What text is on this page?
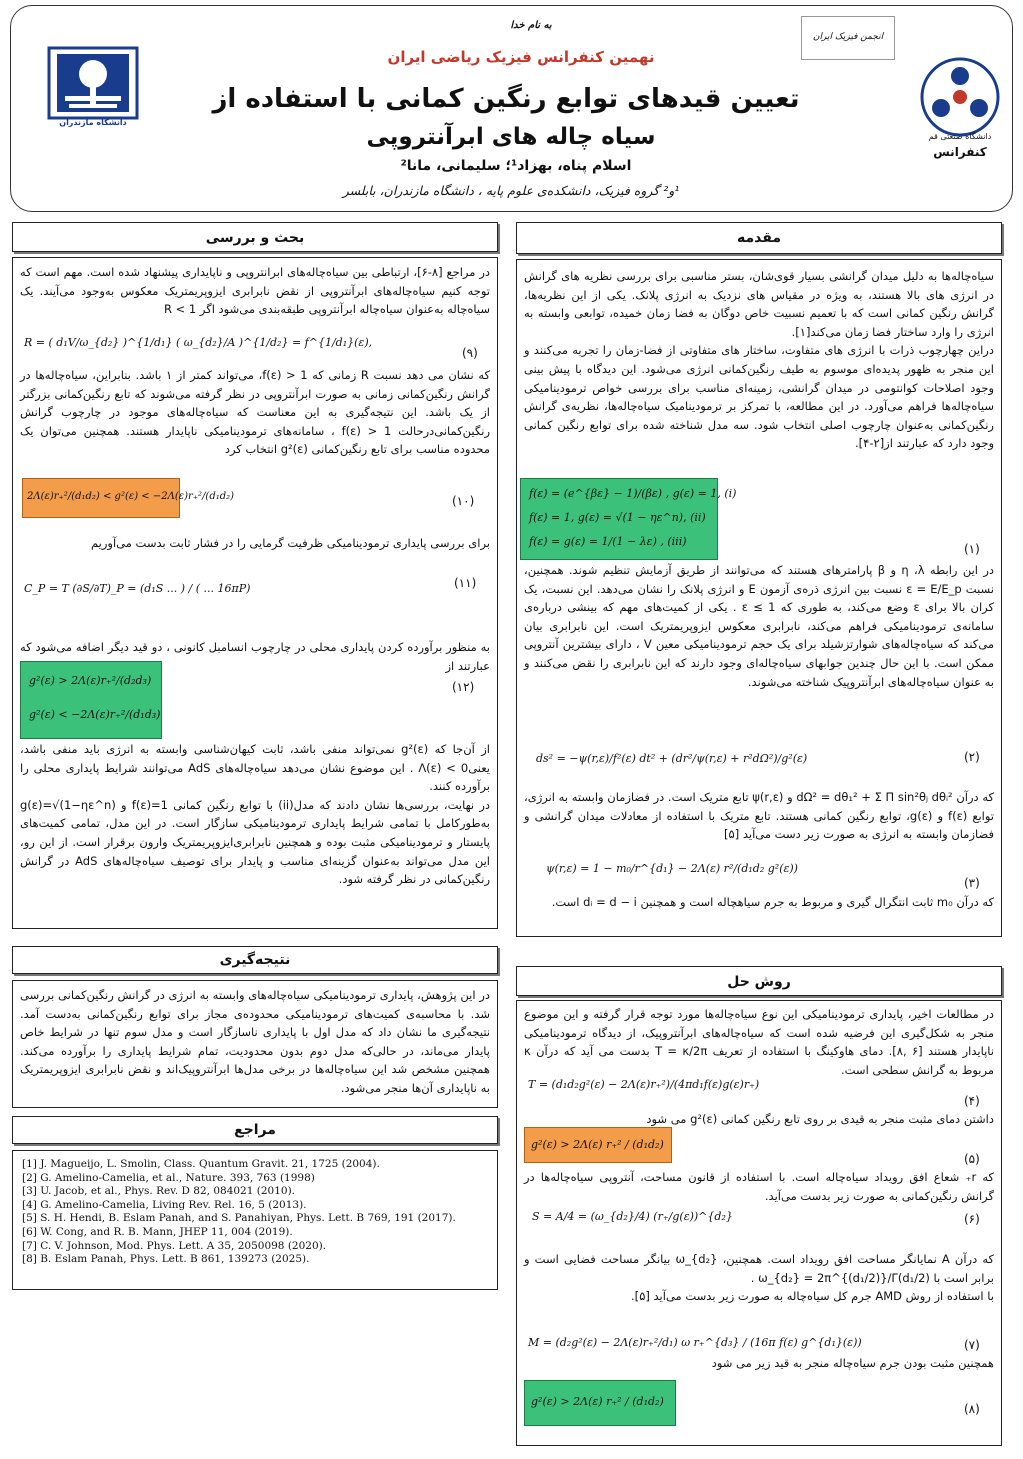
به نام خدا
نهمین کنفرانس فیزیک ریاضی ایران
تعیین قیدهای توابع رنگین کمانی با استفاده از
سیاه چاله های ابرآنتروپی
اسلام پناه، بهزاد¹؛ سلیمانی، مانا²
¹و² گروه فیزیک، دانشکده‌ی علوم پایه ، دانشگاه مازندران، بابلسر
دانشگاه مازندران
انجمن فیزیک ایران
دانشگاه صنعتی قم
کنفرانس
مقدمه

سیاه‌چاله‌ها به دلیل میدان گرانشی بسیار قوی‌شان، بستر مناسبی برای بررسی نظریه های گرانش در انرژی های بالا هستند، به ویژه در مقیاس های نزدیک به انرژی پلانک. یکی از این نظریه‌ها، گرانش رنگین کمانی است که با تعمیم نسبیت خاص دوگان به فضا زمان خمیده، توابعی وابسته به انرژی را وارد ساختار فضا زمان می‌کند[۱].

دراین چهارچوب ذرات با انرژی های متفاوت، ساختار های متفاوتی از فضا-زمان را تجربه می‌کنند و این منجر به ظهور پدیده‌ای موسوم به طیف رنگین‌کمانی انرژی می‌شود. این دیدگاه با پیش بینی وجود اصلاحات کوانتومی در میدان گرانشی، زمینه‌ای مناسب برای بررسی خواص ترمودینامیکی سیاه‌چاله‌ها فراهم می‌آورد. در این مطالعه، با تمرکز بر ترمودینامیک سیاه‌چاله‌ها، نظریه‌ی گرانش رنگین‌کمانی به‌عنوان چارچوب اصلی انتخاب شود. سه مدل شناخته شده برای توابع رنگین کمانی وجود دارد که عبارتند از[۲-۴].

f(ε) = (e^{βε} − 1)/(βε) , g(ε) = 1, (i)
f(ε) = 1, g(ε) = √(1 − ηε^n), (ii)
f(ε) = g(ε) = 1/(1 − λε) , (iii)
(۱)

در این رابطه η ،λ و β پارامترهای هستند که می‌توانند از طریق آزمایش تنظیم شوند. همچنین، نسبت ε = E/E_p نسبت بین انرژی ذره‌ی آزمون E و انرژی پلانک را نشان می‌دهد. این نسبت، یک کران بالا برای ε وضع می‌کند، به طوری که ε ≤ 1 . یکی از کمیت‌های مهم که بینشی درباره‌ی سامانه‌ی ترمودینامیکی فراهم می‌کند، نابرابری معکوس ایزوپریمتریک است. این نابرابری بیان می‌کند که سیاه‌چاله‌های شوارتزشیلد برای یک حجم ترمودینامیکی معین V ، دارای بیشترین آنتروپی ممکن است. با این حال چندین جوابهای سیاه‌چاله‌ای وجود دارند که این نابرابری را نقض می‌کنند و به عنوان سیاه‌چاله‌های ابرآنتروپیک شناخته می‌شوند.

ds² = −ψ(r,ε)/f²(ε) dt² + (dr²/ψ(r,ε) + r²dΩ²)/g²(ε)	(۲)

که درآن dΩ² = dθ₁² + Σ Π sin²θⱼ dθᵢ² و ψ(r,ε) تابع متریک است. در فضازمان وابسته به انرژی، توابع f(ε) و g(ε)، توابع رنگین کمانی هستند. تابع متریک با استفاده از معادلات میدان گرانشی و فضازمان وابسته به انرژی به صورت زیر دست می‌آید [۵]

ψ(r,ε) = 1 − m₀/r^{d₁} − 2Λ(ε) r²/(d₁d₂ g²(ε))
(۳)

که درآن m₀ ثابت انتگرال گیری و مربوط به جرم سیاهچاله است و همچنین dᵢ = d − i است.

روش حل

در مطالعات اخیر، پایداری ترمودینامیکی این نوع سیاه‌چاله‌ها مورد توجه قرار گرفته و این موضوع منجر به شکل‌گیری این فرضیه شده است که سیاه‌چاله‌های ابرآنتروپیک، از دیدگاه ترمودینامیکی ناپایدار هستند [۶ ,۸]. دمای هاوکینگ با استفاده از تعریف T = κ/2π بدست می آید که درآن κ مربوط به گرانش سطحی است.

T = (d₁d₂g²(ε) − 2Λ(ε)r₊²)/(4πd₁f(ε)g(ε)r₊)
(۴)

داشتن دمای مثبت منجر به قیدی بر روی تابع رنگین کمانی g²(ε) می شود

g²(ε) > 2Λ(ε) r₊² / (d₁d₂)
(۵)

که r₊ شعاع افق رویداد سیاه‌چاله است. با استفاده از قانون مساحت، آنتروپی سیاه‌چاله‌ها در گرانش رنگین‌کمانی به صورت زیر بدست می‌آید.

S = A/4 = (ω_{d₂}/4) (r₊/g(ε))^{d₂}	(۶)

که درآن A نمایانگر مساحت افق رویداد است. همچنین، ω_{d₂} بیانگر مساحت فضایی است و برابر است با ω_{d₂} = 2π^{(d₁/2)}/Γ(d₁/2) .

با استفاده از روش AMD جرم کل سیاه‌چاله به صورت زیر بدست می‌آید [۵].

M = (d₂g²(ε) − 2Λ(ε)r₊²/d₁) ω r₊^{d₃} / (16π f(ε) g^{d₁}(ε))	(۷)

همچنین مثبت بودن جرم سیاه‌چاله منجر به قید زیر می شود

g²(ε) > 2Λ(ε) r₊² / (d₁d₂)
(۸)
بحث و بررسی

در مراجع [۸-۶]، ارتباطی بین سیاه‌چاله‌های ابرانتروپی و ناپایداری پیشنهاد شده است. مهم است که توجه کنیم سیاه‌چاله‌های ابرآنتروپی از نقض نابرابری ایزوپریمتریک معکوس به‌وجود می‌آیند. یک سیاه‌چاله به‌عنوان سیاه‌چاله ابرآنتروپی طبقه‌بندی می‌شود اگر R < 1

R = ( d₁V/ω_{d₂} )^{1/d₁} ( ω_{d₂}/A )^{1/d₂} = f^{1/d₁}(ε),
(۹)

که نشان می دهد نسبت R زمانی که f(ε) > 1، می‌تواند کمتر از ۱ باشد. بنابراین، سیاه‌چاله‌ها در گرانش رنگین‌کمانی زمانی به صورت ابرآنتروپی در نظر گرفته می‌شوند که تابع رنگین‌کمانی بزرگتر از یک باشد. این نتیجه‌گیری به این معناست که سیاه‌چاله‌های موجود در چارچوب گرانش رنگین‌کمانی‌درحالت f(ε) > 1 ، سامانه‌های ترمودینامیکی ناپایدار هستند. همچنین می‌توان یک محدوده مناسب برای تابع رنگین‌کمانی g²(ε) انتخاب کرد

2Λ(ε)r₊²/(d₁d₂) < g²(ε) < −2Λ(ε)r₊²/(d₁d₂)	(۱۰)

برای بررسی پایداری ترمودینامیکی ظرفیت گرمایی را در فشار ثابت بدست می‌آوریم

C_P = T (∂S/∂T)_P = (d₁S ... ) / ( ... 16πP)	(۱۱)

به منظور برآورده کردن پایداری محلی در چارچوب انسامبل کانونی ، دو قید دیگر اضافه می‌شود که عبارتند از

g²(ε) > 2Λ(ε)r₊²/(d₂d₃)
g²(ε) < −2Λ(ε)r₊²/(d₁d₃)
(۱۲)

از آن‌جا که g²(ε) نمی‌تواند منفی باشد، ثابت کیهان‌شناسی وابسته به انرژی باید منفی باشد، یعنیΛ(ε) < 0 . این موضوع نشان می‌دهد سیاه‌چاله‌های AdS می‌توانند شرایط پایداری محلی را برآورده کنند.

در نهایت، بررسی‌ها نشان دادند که مدل(ii) با توابع رنگین کمانی f(ε)=1 و g(ε)=√(1−ηε^n) به‌طورکامل با تمامی شرایط پایداری ترمودینامیکی سازگار است. در این مدل، تمامی کمیت‌های پایستار و ترمودینامیکی مثبت بوده و همچنین نابرابری‌ایزوپریمتریک وارون برقرار است. از این رو، این مدل می‌تواند به‌عنوان گزینه‌ای مناسب و پایدار برای توصیف سیاه‌چاله‌های AdS در گرانش رنگین‌کمانی در نظر گرفته شود.

نتیجه‌گیری

در این پژوهش، پایداری ترمودینامیکی سیاه‌چاله‌های وابسته به انرژی در گرانش رنگین‌کمانی بررسی شد. با محاسبه‌ی کمیت‌های ترمودینامیکی محدوده‌ی مجاز برای توابع رنگین‌کمانی به‌دست آمد. نتیجه‌گیری ما نشان داد که مدل اول با پایداری ناسازگار است و مدل سوم تنها در شرایط خاص پایدار می‌ماند، در حالی‌که مدل دوم بدون محدودیت، تمام شرایط پایداری را برآورده می‌کند. همچنین مشخص شد این سیاه‌چاله‌ها در برخی مدل‌ها ابرآنتروپیک‌اند و نقض نابرابری ایزوپریمتریک به ناپایداری آن‌ها منجر می‌شود.

مراجع
[1] J. Magueijo, L. Smolin, Class. Quantum Gravit. 21, 1725 (2004).
[2] G. Amelino-Camelia, et al., Nature. 393, 763 (1998)
[3] U. Jacob, et al., Phys. Rev. D 82, 084021 (2010).
[4] G. Amelino-Camelia, Living Rev. Rel. 16, 5 (2013).
[5] S. H. Hendi, B. Eslam Panah, and S. Panahiyan, Phys. Lett. B 769, 191 (2017).
[6] W. Cong, and R. B. Mann, JHEP 11, 004 (2019).
[7] C. V. Johnson, Mod. Phys. Lett. A 35, 2050098 (2020).
[8] B. Eslam Panah, Phys. Lett. B 861, 139273 (2025).
